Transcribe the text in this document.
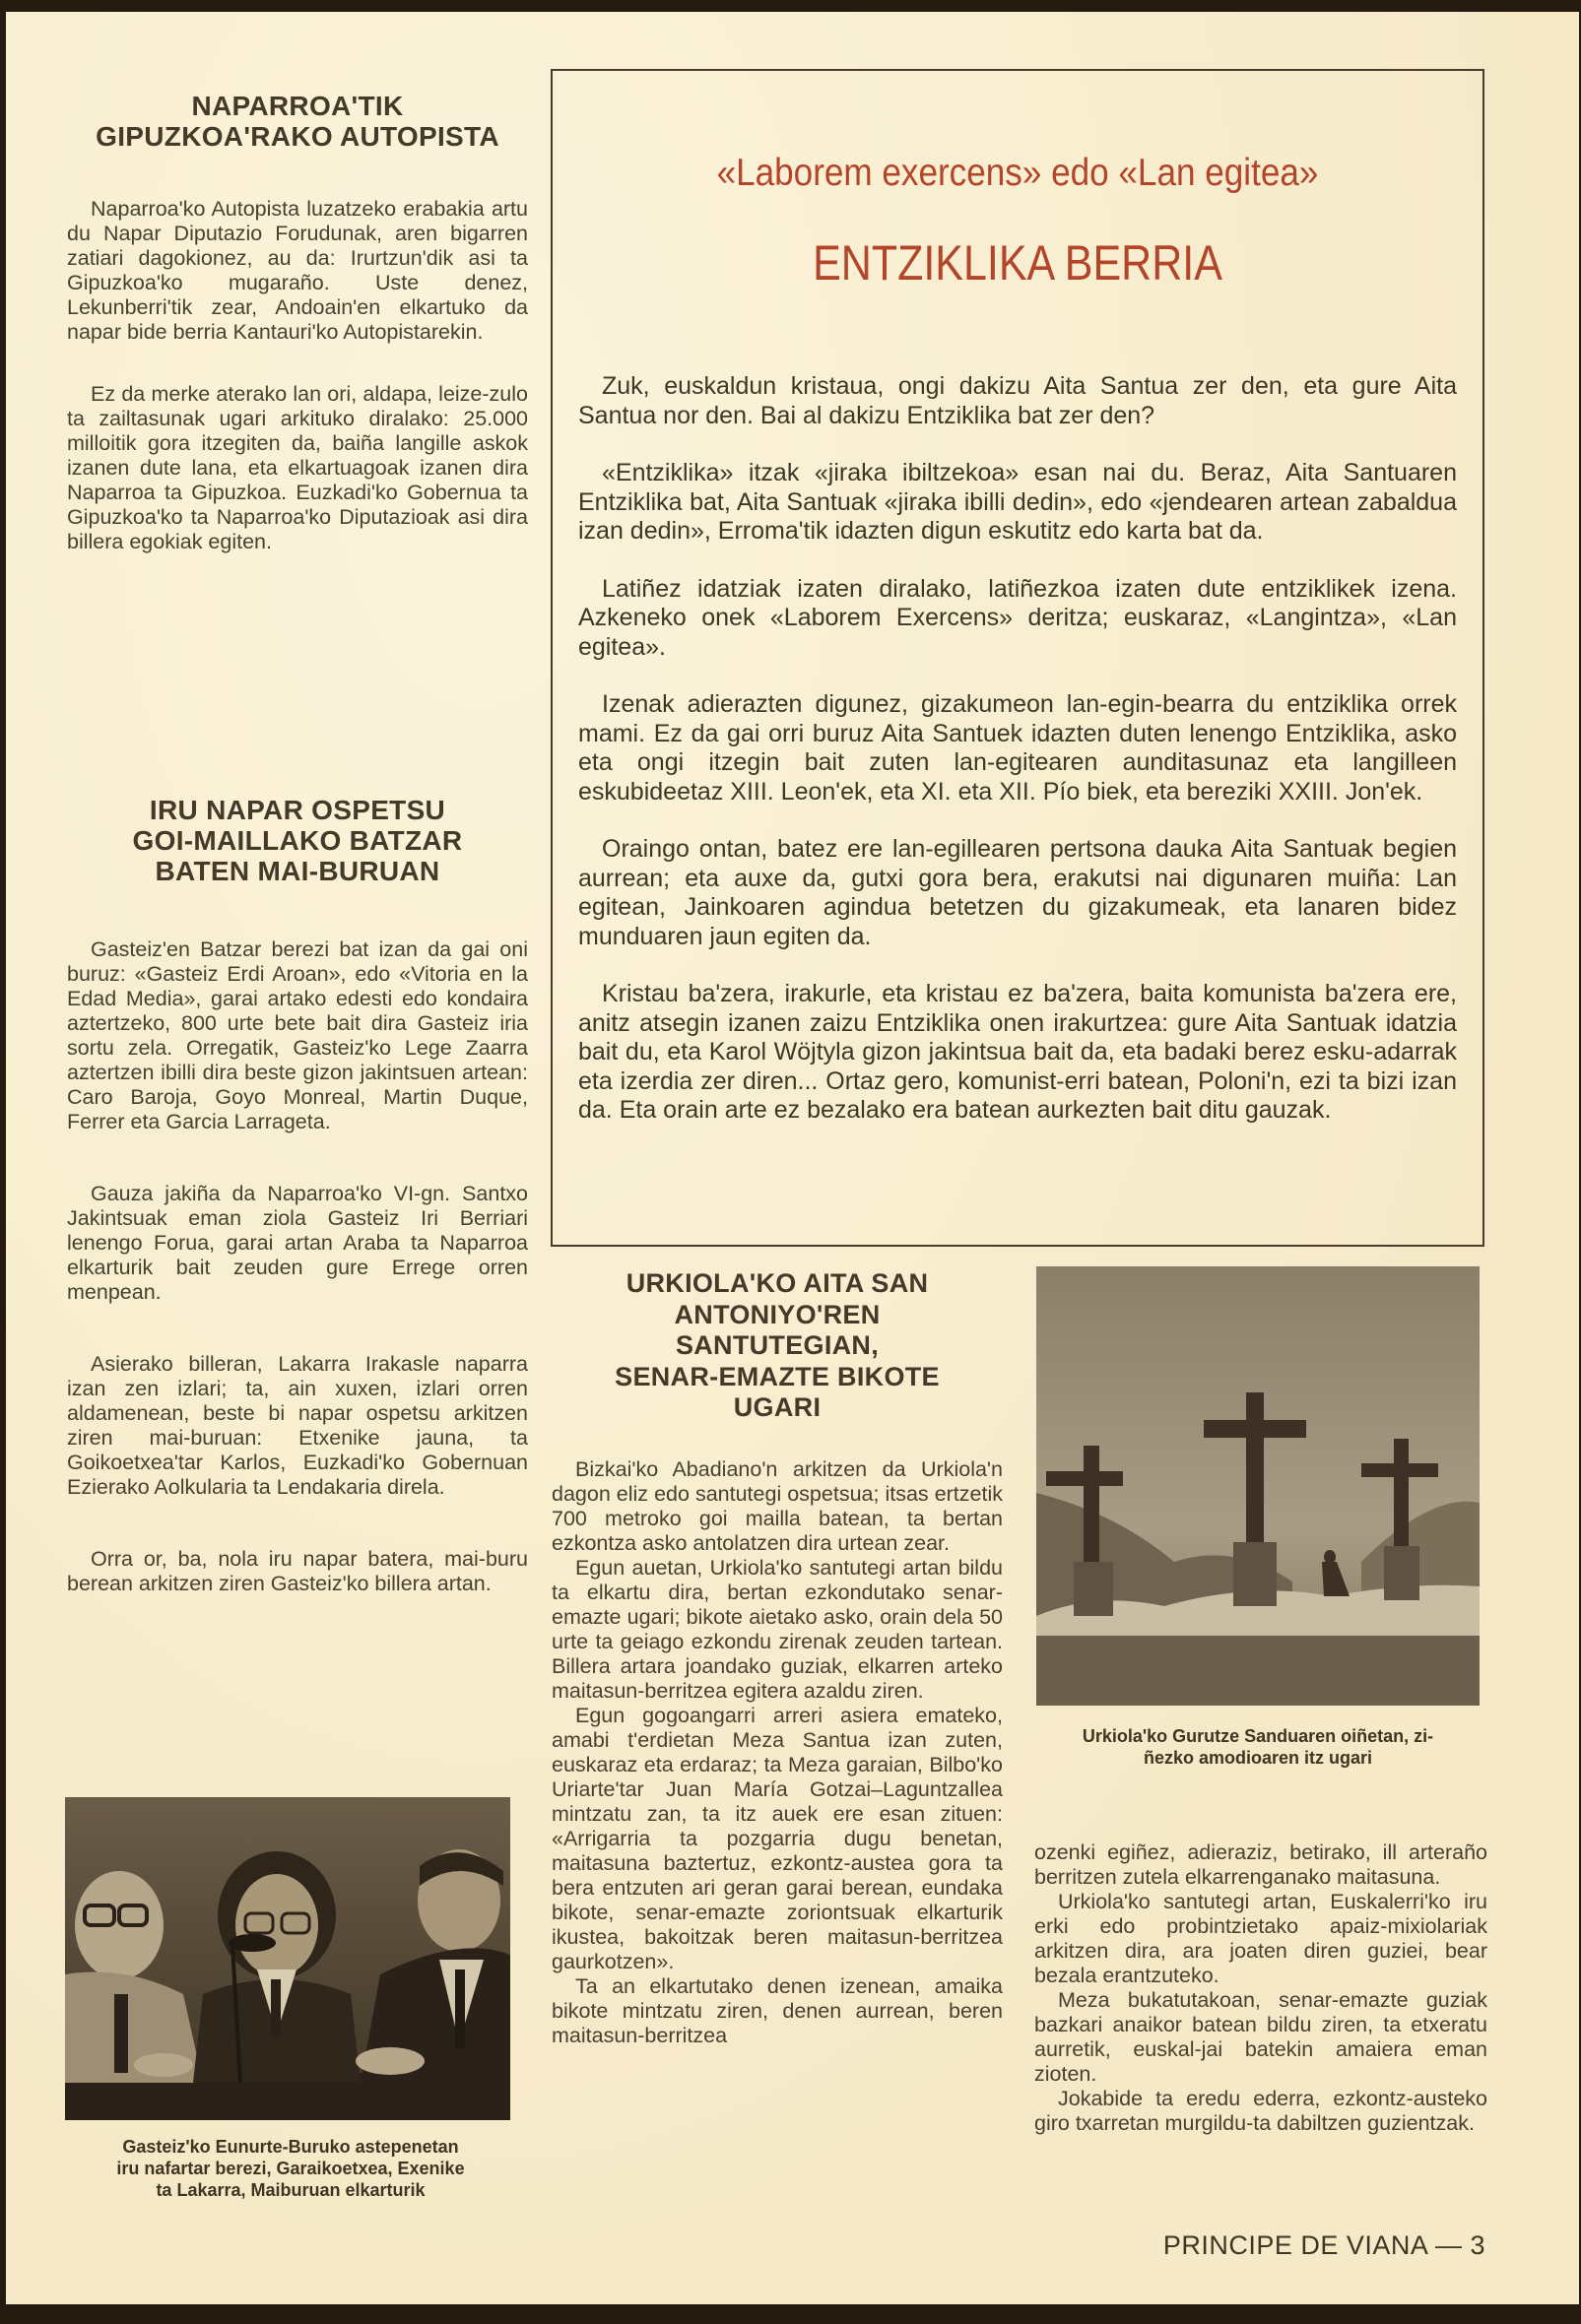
NAPARROA'TIK
GIPUZKOA'RAKO AUTOPISTA

Naparroa'ko Autopista luzatzeko erabakia artu du Napar Diputazio Forudunak, aren bigarren zatiari dagokionez, au da: Irurtzun'dik asi ta Gipuzkoa'ko mugaraño. Uste denez, Lekunberri'tik zear, Andoain'en elkartuko da napar bide berria Kantauri'ko Autopistarekin.

Ez da merke aterako lan ori, aldapa, leize-zulo ta zailtasunak ugari arkituko diralako: 25.000 milloitik gora itzegiten da, baiña langille askok izanen dute lana, eta elkartuagoak izanen dira Naparroa ta Gipuzkoa. Euzkadi'ko Gobernua ta Gipuzkoa'ko ta Naparroa'ko Diputazioak asi dira billera egokiak egiten.

IRU NAPAR OSPETSU
GOI-MAILLAKO BATZAR
BATEN MAI-BURUAN

Gasteiz'en Batzar berezi bat izan da gai oni buruz: «Gasteiz Erdi Aroan», edo «Vitoria en la Edad Media», garai artako edesti edo kondaira aztertzeko, 800 urte bete bait dira Gasteiz iria sortu zela. Orregatik, Gasteiz'ko Lege Zaarra aztertzen ibilli dira beste gizon jakintsuen artean: Caro Baroja, Goyo Monreal, Martin Duque, Ferrer eta Garcia Larrageta.

Gauza jakiña da Naparroa'ko VI-gn. Santxo Jakintsuak eman ziola Gasteiz Iri Berriari lenengo Forua, garai artan Araba ta Naparroa elkarturik bait zeuden gure Errege orren menpean.

Asierako billeran, Lakarra Irakasle naparra izan zen izlari; ta, ain xuxen, izlari orren aldamenean, beste bi napar ospetsu arkitzen ziren mai-buruan: Etxenike jauna, ta Goikoetxea'tar Karlos, Euzkadi'ko Gobernuan Ezierako Aolkularia ta Lendakaria direla.

Orra or, ba, nola iru napar batera, mai-buru berean arkitzen ziren Gasteiz'ko billera artan.

Gasteiz'ko Eunurte-Buruko astepenetan
iru nafartar berezi, Garaikoetxea, Exenike
ta Lakarra, Maiburuan elkarturik
«Laborem exercens» edo «Lan egitea»
ENTZIKLIKA BERRIA

Zuk, euskaldun kristaua, ongi dakizu Aita Santua zer den, eta gure Aita Santua nor den. Bai al dakizu Entziklika bat zer den?

«Entziklika» itzak «jiraka ibiltzekoa» esan nai du. Beraz, Aita Santuaren Entziklika bat, Aita Santuak «jiraka ibilli dedin», edo «jendearen artean zabaldua izan dedin», Erroma'tik idazten digun eskutitz edo karta bat da.

Latiñez idatziak izaten diralako, latiñezkoa izaten dute entziklikek izena. Azkeneko onek «Laborem Exercens» deritza; euskaraz, «Langintza», «Lan egitea».

Izenak adierazten digunez, gizakumeon lan-egin-bearra du entziklika orrek mami. Ez da gai orri buruz Aita Santuek idazten duten lenengo Entziklika, asko eta ongi itzegin bait zuten lan-egitearen aunditasunaz eta langilleen eskubideetaz XIII. Leon'ek, eta XI. eta XII. Pío biek, eta bereziki XXIII. Jon'ek.

Oraingo ontan, batez ere lan-egillearen pertsona dauka Aita Santuak begien aurrean; eta auxe da, gutxi gora bera, erakutsi nai digunaren muiña: Lan egitean, Jainkoaren agindua betetzen du gizakumeak, eta lanaren bidez munduaren jaun egiten da.

Kristau ba'zera, irakurle, eta kristau ez ba'zera, baita komunista ba'zera ere, anitz atsegin izanen zaizu Entziklika onen irakurtzea: gure Aita Santuak idatzia bait du, eta Karol Wöjtyla gizon jakintsua bait da, eta badaki berez esku-adarrak eta izerdia zer diren... Ortaz gero, komunist-erri batean, Poloni'n, ezi ta bizi izan da. Eta orain arte ez bezalako era batean aurkezten bait ditu gauzak.

URKIOLA'KO AITA SAN
ANTONIYO'REN
SANTUTEGIAN,
SENAR-EMAZTE BIKOTE
UGARI

Bizkai'ko Abadiano'n arkitzen da Urkiola'n dagon eliz edo santutegi ospetsua; itsas ertzetik 700 metroko goi mailla batean, ta bertan ezkontza asko antolatzen dira urtean zear.

Egun auetan, Urkiola'ko santutegi artan bildu ta elkartu dira, bertan ezkondutako senar-emazte ugari; bikote aietako asko, orain dela 50 urte ta geiago ezkondu zirenak zeuden tartean. Billera artara joandako guziak, elkarren arteko maitasun-berritzea egitera azaldu ziren.

Egun gogoangarri arreri asiera emateko, amabi t'erdietan Meza Santua izan zuten, euskaraz eta erdaraz; ta Meza garaian, Bilbo'ko Uriarte'tar Juan María Gotzai–Laguntzallea mintzatu zan, ta itz auek ere esan zituen: «Arrigarria ta pozgarria dugu benetan, maitasuna baztertuz, ezkontz-austea gora ta bera entzuten ari geran garai berean, eundaka bikote, senar-emazte zoriontsuak elkarturik ikustea, bakoitzak beren maitasun-berritzea gaurkotzen».

Ta an elkartutako denen izenean, amaika bikote mintzatu ziren, denen aurrean, beren maitasun-berritzea

Urkiola'ko Gurutze Sanduaren oiñetan, zi-
ñezko amodioaren itz ugari

ozenki egiñez, adieraziz, betirako, ill arteraño berritzen zutela elkarrenganako maitasuna.

Urkiola'ko santutegi artan, Euskalerri'ko iru erki edo probintzietako apaiz-mixiolariak arkitzen dira, ara joaten diren guziei, bear bezala erantzuteko.

Meza bukatutakoan, senar-emazte guziak bazkari anaikor batean bildu ziren, ta etxeratu aurretik, euskal-jai batekin amaiera eman zioten.

Jokabide ta eredu ederra, ezkontz-austeko giro txarretan murgildu-ta dabiltzen guzientzak.

PRINCIPE DE VIANA — 3
